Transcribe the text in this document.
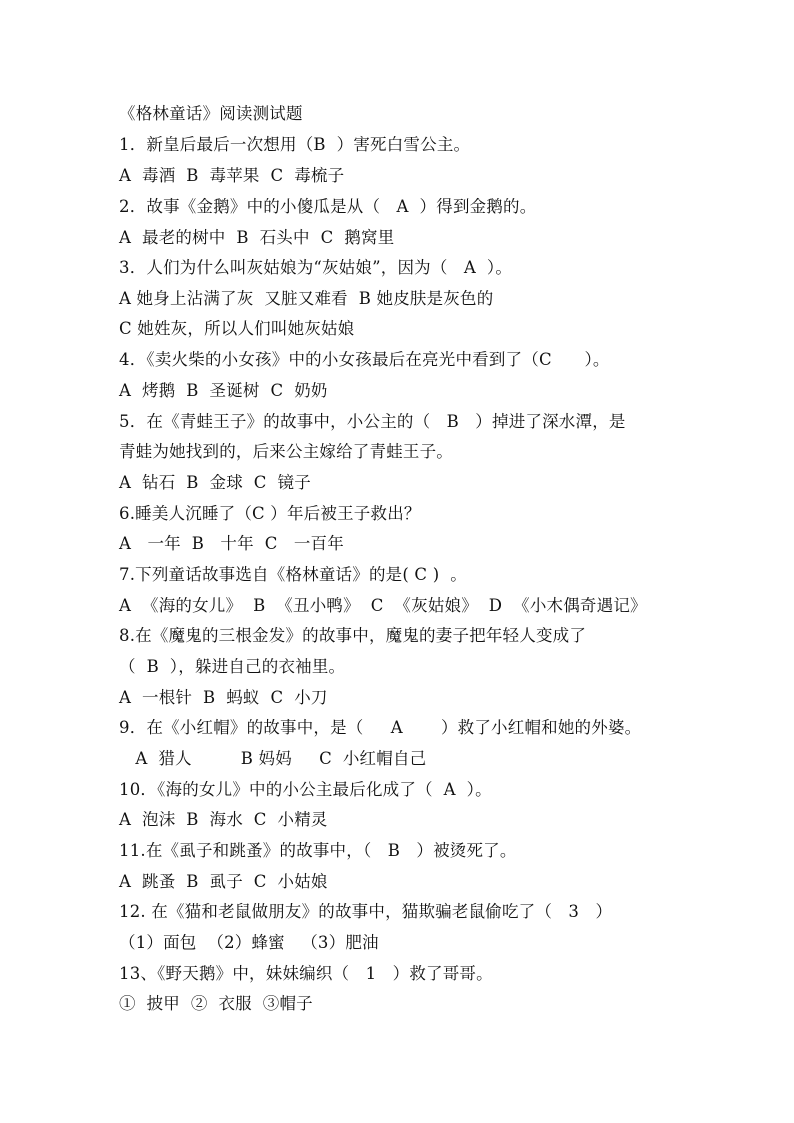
《格林童话》阅读测试题
1．新皇后最后一次想用（B  ）害死白雪公主。
A  毒酒  B  毒苹果  C  毒梳子
2．故事《金鹅》中的小傻瓜是从（   A  ）得到金鹅的。
A  最老的树中  B  石头中  C  鹅窝里
3．人们为什么叫灰姑娘为“灰姑娘”，因为（   A  ）。
A 她身上沾满了灰  又脏又难看  B 她皮肤是灰色的
C 她姓灰，所以人们叫她灰姑娘
4．《卖火柴的小女孩》中的小女孩最后在亮光中看到了（C      ）。
A  烤鹅  B  圣诞树  C  奶奶
5．在《青蛙王子》的故事中，小公主的（   B   ）掉进了深水潭，是
青蛙为她找到的，后来公主嫁给了青蛙王子。
A  钻石  B  金球  C  镜子
6.睡美人沉睡了（C ）年后被王子救出？
A   一年  B   十年  C   一百年
7.下列童话故事选自《格林童话》的是( C )  。
A  《海的女儿》  B  《丑小鸭》  C  《灰姑娘》  D  《小木偶奇遇记》
8.在《魔鬼的三根金发》的故事中，魔鬼的妻子把年轻人变成了
（  B  ），躲进自己的衣袖里。
A  一根针  B  蚂蚁  C  小刀
9．在《小红帽》的故事中，是（     A       ）救了小红帽和她的外婆。
A  猎人         B 妈妈     C  小红帽自己
10．《海的女儿》中的小公主最后化成了（  A  ）。
A  泡沫  B  海水  C  小精灵
11.在《虱子和跳蚤》的故事中，（   B   ）被烫死了。
A  跳蚤  B  虱子  C  小姑娘
12. 在《猫和老鼠做朋友》的故事中，猫欺骗老鼠偷吃了（   3   ）
（1）面包  （2）蜂蜜   （3）肥油
13、《野天鹅》中，妹妹编织（   1   ）救了哥哥。
①  披甲  ②  衣服  ③帽子
